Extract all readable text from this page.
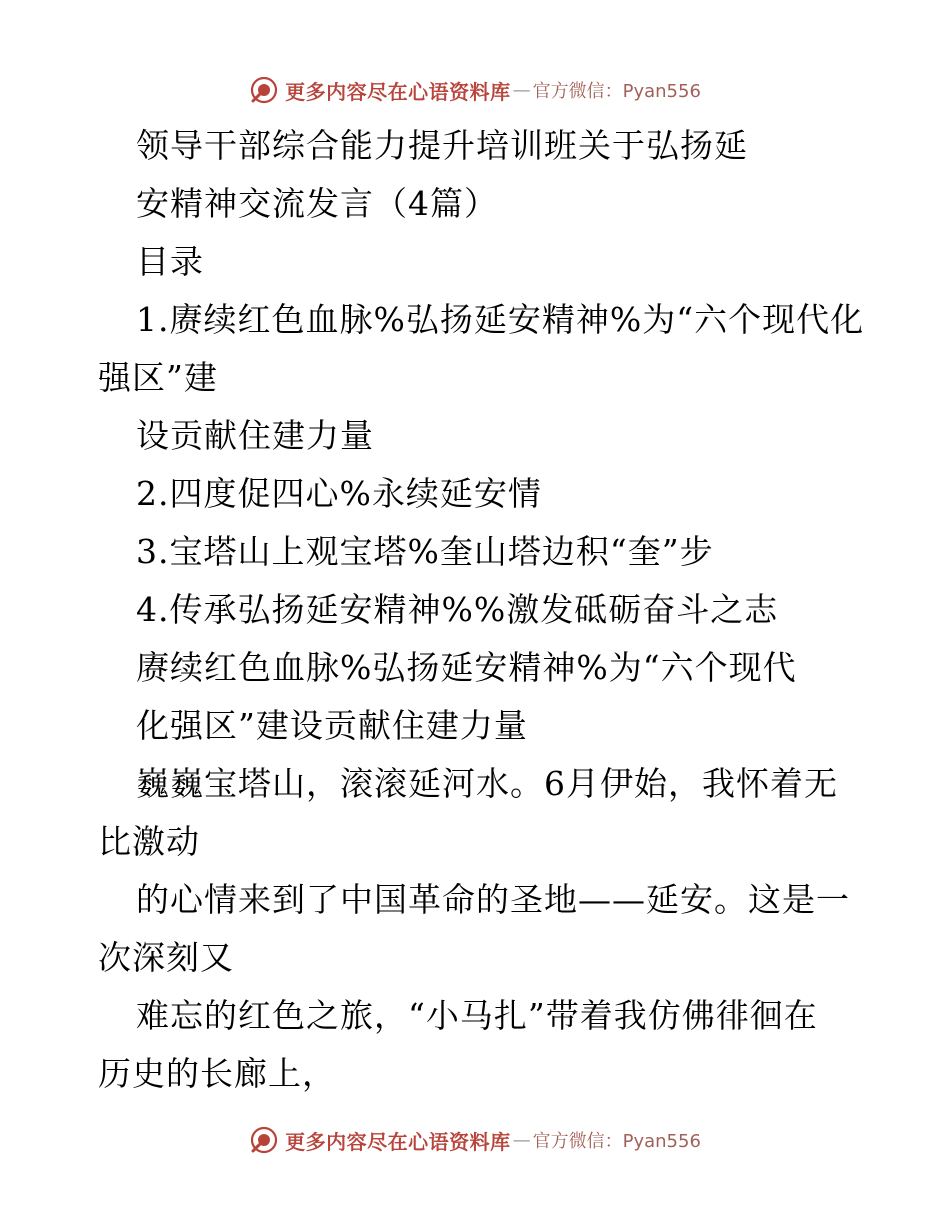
更多内容尽在心语资料库 — 官方微信：Pyan556
领导干部综合能力提升培训班关于弘扬延
安精神交流发言（4篇）
目录
1.赓续红色血脉%弘扬延安精神%为“六个现代化
强区”建
设贡献住建力量
2.四度促四心%永续延安情
3.宝塔山上观宝塔%奎山塔边积“奎”步
4.传承弘扬延安精神%%激发砥砺奋斗之志
赓续红色血脉%弘扬延安精神%为“六个现代
化强区”建设贡献住建力量
巍巍宝塔山，滚滚延河水。6月伊始，我怀着无
比激动
的心情来到了中国革命的圣地——延安。这是一
次深刻又
难忘的红色之旅，“小马扎”带着我仿佛徘徊在
历史的长廊上，
更多内容尽在心语资料库 — 官方微信：Pyan556
